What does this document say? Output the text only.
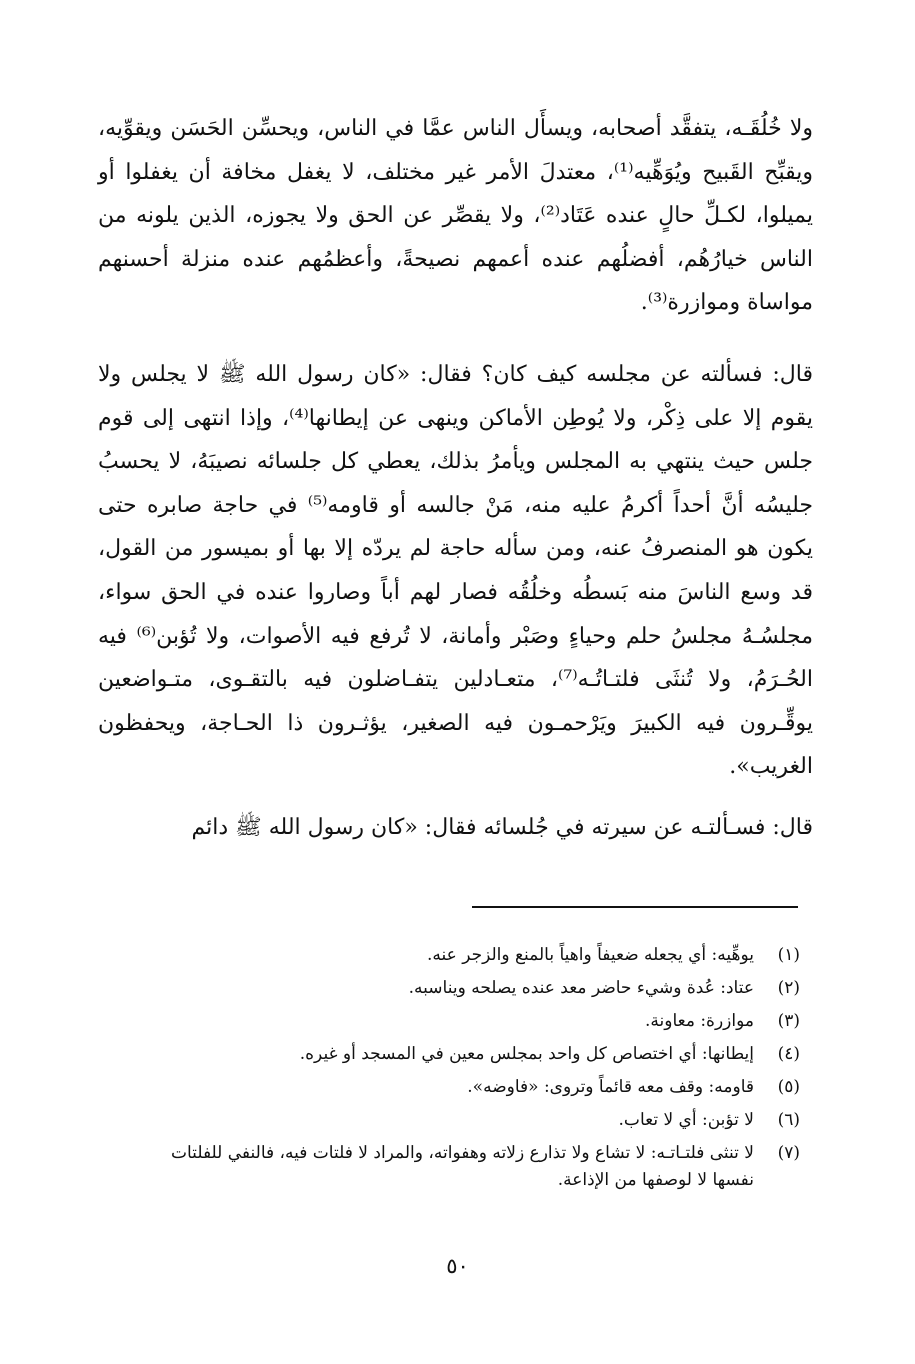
ولا خُلُقَـه، يتفقَّد أصحابه، ويسأَل الناس عمَّا في الناس، ويحسِّن الحَسَن ويقوِّيه، ويقبِّح القَبيح ويُوَهِّيه⁽¹⁾، معتدلَ الأمر غير مختلف، لا يغفل مخافة أن يغفلوا أو يميلوا، لكـلِّ حالٍ عنده عَتَاد⁽²⁾، ولا يقصِّر عن الحق ولا يجوزه، الذين يلونه من الناس خيارُهُم، أفضلُهم عنده أعمهم نصيحةً، وأعظمُهم عنده منزلة أحسنهم مواساة وموازرة⁽³⁾.
قال: فسألته عن مجلسه كيف كان؟ فقال: «كان رسول الله ﷺ لا يجلس ولا يقوم إلا على ذِكْر، ولا يُوطِن الأماكن وينهى عن إيطانها⁽⁴⁾، وإذا انتهى إلى قوم جلس حيث ينتهي به المجلس ويأمرُ بذلك، يعطي كل جلسائه نصيبَهُ، لا يحسبُ جليسُه أنَّ أحداً أكرمُ عليه منه، مَنْ جالسه أو قاومه⁽⁵⁾ في حاجة صابره حتى يكون هو المنصرفُ عنه، ومن سأله حاجة لم يردّه إلا بها أو بميسور من القول، قد وسع الناسَ منه بَسطُه وخلُقُه فصار لهم أباً وصاروا عنده في الحق سواء، مجلسُـهُ مجلسُ حلم وحياءٍ وصَبْر وأمانة، لا تُرفع فيه الأصوات، ولا تُؤبن⁽⁶⁾ فيه الحُـرَمُ، ولا تُنثَى فلتـاتُـه⁽⁷⁾، متعـادلين يتفـاضلون فيه بالتقـوى، متـواضعين يوقِّـرون فيه الكبيرَ ويَرْحمـون فيه الصغير، يؤثـرون ذا الحـاجة، ويحفظون الغريب».
قال: فسـألتـه عن سيرته في جُلسائه فقال: «كان رسول الله ﷺ دائم
(١)
يوهِّيه: أي يجعله ضعيفاً واهياً بالمنع والزجر عنه.
(٢)
عتاد: عُدة وشيء حاضر معد عنده يصلحه ويناسبه.
(٣)
موازرة: معاونة.
(٤)
إيطانها: أي اختصاص كل واحد بمجلس معين في المسجد أو غيره.
(٥)
قاومه: وقف معه قائماً وتروى: «فاوضه».
(٦)
لا تؤبن: أي لا تعاب.
(٧)
لا تنثى فلتـاتـه: لا تشاع ولا تذارع زلاته وهفواته، والمراد لا فلتات فيه، فالنفي للفلتات نفسها لا لوصفها من الإذاعة.
٥٠
